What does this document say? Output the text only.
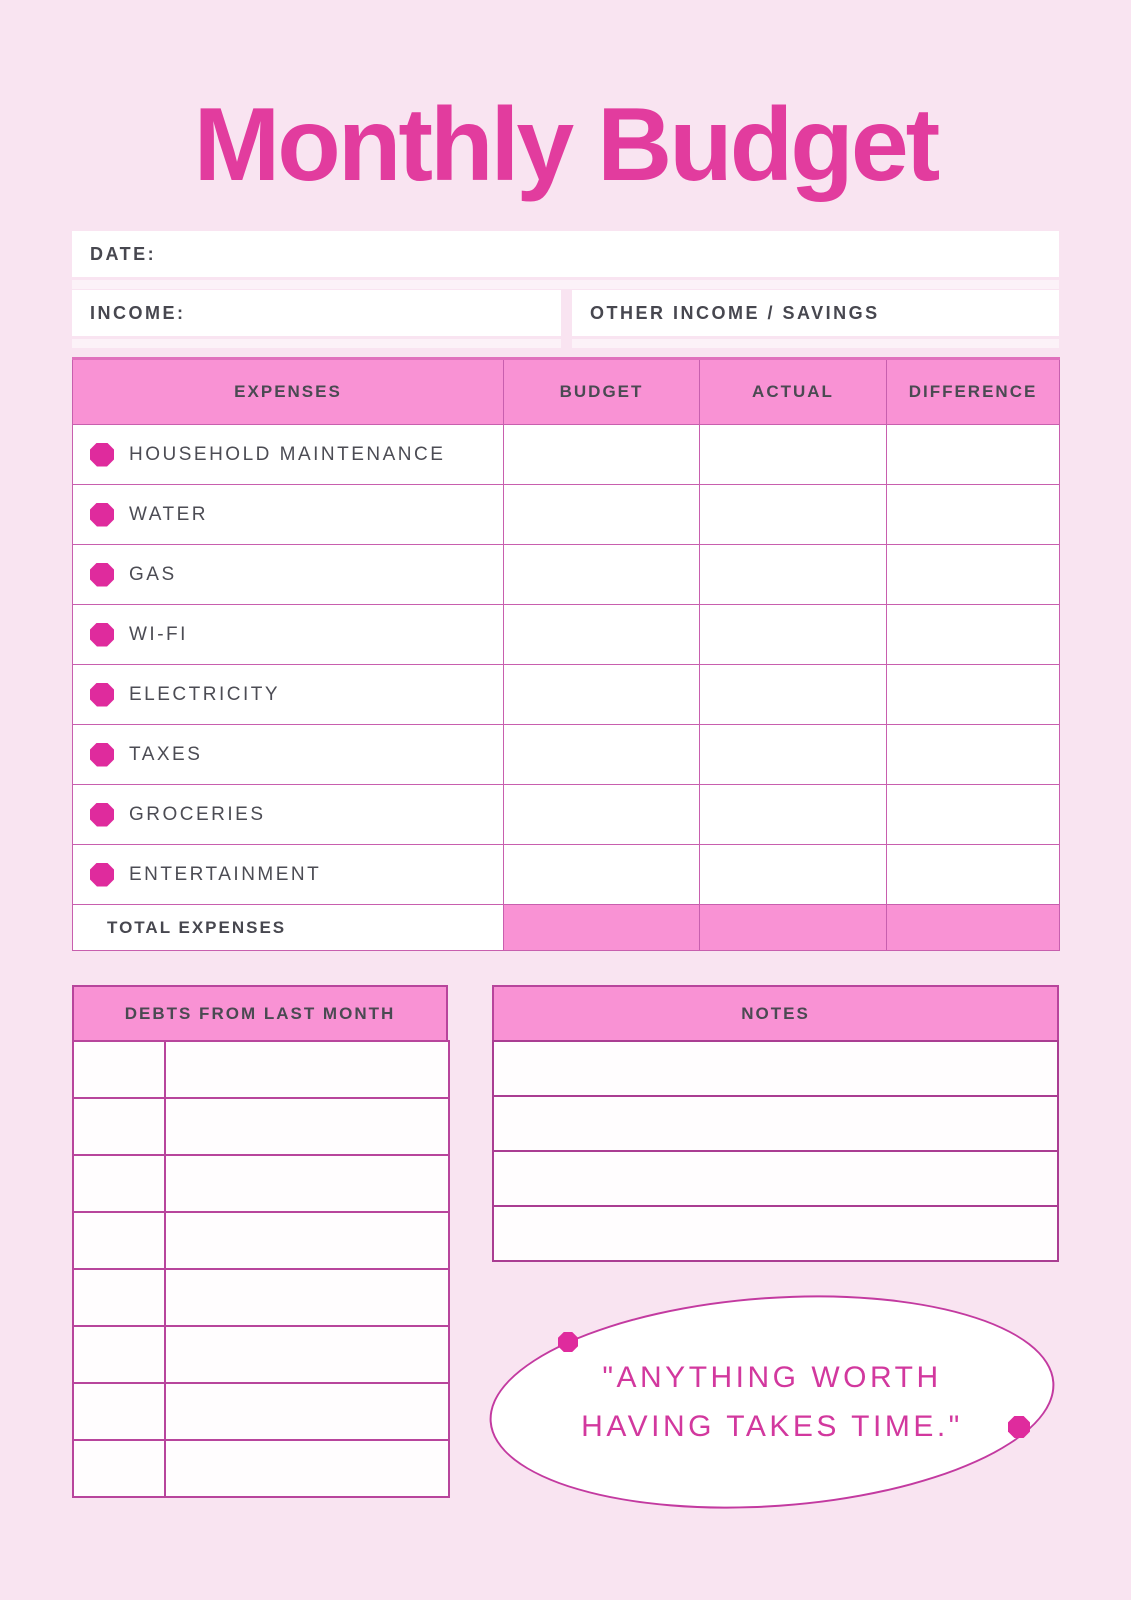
Monthly Budget
DATE:
INCOME:	OTHER INCOME / SAVINGS
EXPENSES	BUDGET	ACTUAL	DIFFERENCE

HOUSEHOLD MAINTENANCE			

WATER			

GAS			

WI-FI			

ELECTRICITY			

TAXES			

GROCERIES			

ENTERTAINMENT			

TOTAL EXPENSES			
DEBTS FROM LAST MONTH

		NOTES
"ANYTHING WORTH
HAVING TAKES TIME."
